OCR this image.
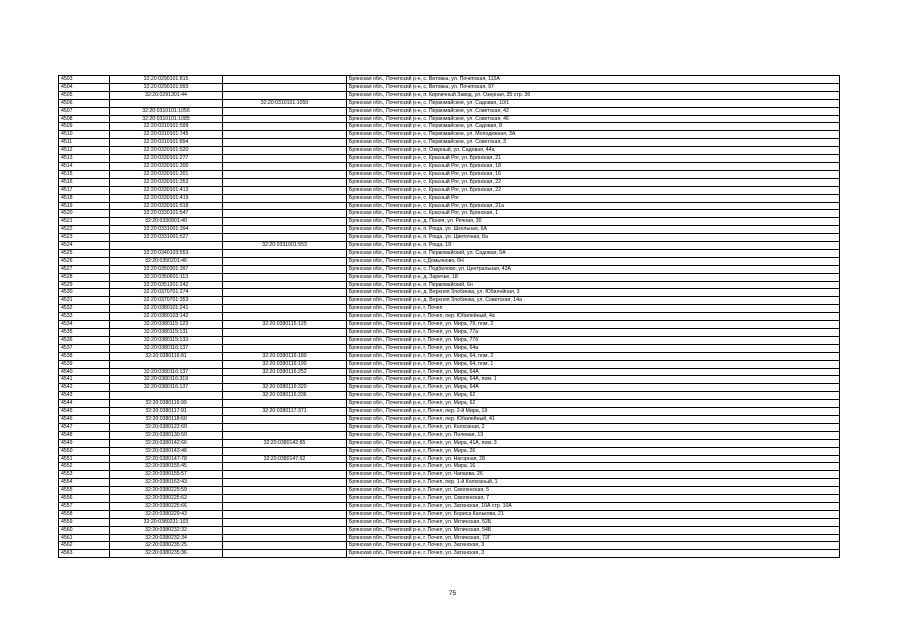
4503	32:20:0290101:815		Брянская обл., Почепский р-н, с. Витовка, ул. Почепская, 115А
4504	32:20:0290101:993		Брянская обл., Почепский р-н, с. Витовка, ул. Почепская, 97
4505	32:20:0291301:44		Брянская обл., Почепский р-н, п. Кирпичный Завод, ул. Озерная, 35 стр. 36
4506		32:20:0310101:1050	Брянская обл., Почепский р-н, с. Первомайское, ул. Садовая, 10/1
4507	32:20:0310101:1056		Брянская обл., Почепский р-н, с. Первомайское, ул. Советская, 42
4508	32:20:0310101:1085		Брянская обл., Почепский р-н, с. Первомайское, ул. Советская, 46
4509	32:20:0310101:599		Брянская обл., Почепский р-н, с. Первомайское, ул. Садовая, 8
4510	32:20:0310101:745		Брянская обл., Почепский р-н, с. Первомайское, ул. Молодежная, 3А
4511	32:20:0310101:894		Брянская обл., Почепский р-н, с. Первомайское, ул. Советская, 3
4512	32:20:0320101:520		Брянская обл., Почепский р-н, п. Озерный, ул. Садовая, 44а
4513	32:20:0330101:277		Брянская обл., Почепский р-н, с. Красный Рог, ул. Брянская, 21
4514	32:20:0330101:300		Брянская обл., Почепский р-н, с. Красный Рог, ул. Брянская, 18
4515	32:20:0330101:301		Брянская обл., Почепский р-н, с. Красный Рог, ул. Брянская, 16
4516	32:20:0330101:353		Брянская обл., Почепский р-н, с. Красный Рог, ул. Брянская, 22
4517	32:20:0330101:413		Брянская обл., Почепский р-н, с. Красный Рог, ул. Брянская, 22
4518	32:20:0330101:419		Брянская обл., Почепский р-н, с. Красный Рог
4519	32:20:0330101:518		Брянская обл., Почепский р-н, с. Красный Рог, ул. Брянская, 21а
4520	32:20:0330101:547		Брянская обл., Почепский р-н, с. Красный Рог, ул. Брянская, 1
4521	32:20:0330901:40		Брянская обл., Почепский р-н, д. Поняя, ул. Речная, 30
4522	32:20:0331001:394		Брянская обл., Почепский р-н, п. Роща, ул. Школьная, 6А
4523	32:20:0331001:527		Брянская обл., Почепский р-н, п. Роща, ул. Цветочная, 8а
4524		32:20:0331001:553	Брянская обл., Почепский р-н, п. Роща, 19
4525	32:20:0340103:553		Брянская обл., Почепский р-н, п. Первомайский, ул. Садовая, 5А
4526	32:20:0350201:46		Брянская обл., Почепский р-н, с.Домьяново, 6Н
4527	32:20:0350301:397		Брянская обл., Почепский р-н, с. Подбелово, ул. Центральная, 43А
4528	32:20:0350601:113		Брянская обл., Почепский р-н, д. Заречье, 18
4529	32:20:0351201:242		Брянская обл., Почепский р-н, п. Первомайский, 6н
4530	32:20:0370701:274		Брянская обл., Почепский р-н, д. Верхняя Злобинка, ул. Юбилейная, 3
4531	32:20:0370701:353		Брянская обл., Почепский р-н, д. Верхняя Злобинка, ул. Советская, 14а
4532	32:20:0380101:241		Брянская обл., Почепский р-н, г. Почеп
4533	32:20:0380103:142		Брянская обл., Почепский р-н, г. Почеп, пер. Юбилейный, 4а
4534	32:20:0380115:123	32:20:0380115:125	Брянская обл., Почепский р-н, г. Почеп, ул. Мира, 79, пом. 2
4535	32:20:0380115:131		Брянская обл., Почепский р-н, г. Почеп, ул. Мира, 77а
4536	32:20:0380115:133		Брянская обл., Почепский р-н, г. Почеп, ул. Мира, 77б
4537	32:20:0380116:137		Брянская обл., Почепский р-н, г. Почеп, ул. Мира, 64а
4538	32:20:0380116:81	32:20:0380116:189	Брянская обл., Почепский р-н, г. Почеп, ул. Мира, 64, пом. 2
4539		32:20:0380116:190	Брянская обл., Почепский р-н, г. Почеп, ул. Мира, 64, пом. 1
4540	32:20:0380116:137	32:20:0380116:252	Брянская обл., Почепский р-н, г. Почеп, ул. Мира, 64А
4541	32:20:0380116:319		Брянская обл., Почепский р-н, г. Почеп, ул. Мира, 64А, пом. 1
4542	32:20:0380116:137	32:20:0380116:320	Брянская обл., Почепский р-н, г. Почеп, ул. Мира, 64А
4543		32:20:0380116:336	Брянская обл., Почепский р-н, г. Почеп, ул. Мира, 62
4544	32:20:0380116:99		Брянская обл., Почепский р-н, г. Почеп, ул. Мира, 62
4545	32:20:0380117:91	32:20:0380117:371	Брянская обл., Почепский р-н, г. Почеп, пер. 2-й Мира, 19
4546	32:20:0380118:60		Брянская обл., Почепский р-н, г. Почеп, пер. Юбилейный, 41
4547	32:20:0380122:60		Брянская обл., Почепский р-н, г. Почеп, ул. Колхозная, 2
4548	32:20:0380130:50		Брянская обл., Почепский р-н, г. Почеп, ул. Полевая, 13
4549	32:20:0380142:66	32:20:0380142:85	Брянская обл., Почепский р-н, г. Почеп, ул. Мира, 41А, пом. 3
4550	32:20:0380143:48		Брянская обл., Почепский р-н, г. Почеп, ул. Мира, 26
4551	32:20:0380147:78	32:20:0380147:92	Брянская обл., Почепский р-н, г. Почеп, ул. Нагорная, 28
4552	32:20:0380155:45		Брянская обл., Почепский р-н, г. Почеп, ул. Мира, 16
4553	32:20:0380155:57		Брянская обл., Почепский р-н, г. Почеп, ул. Чапаева, 26
4554	32:20:0380163:43		Брянская обл., Почепский р-н, г. Почеп, пер. 1-й Колхозный, 1
4555	32:20:0380225:59		Брянская обл., Почепский р-н, г. Почеп, ул. Смоленская, 5
4556	32:20:0380225:62		Брянская обл., Почепский р-н, г. Почеп, ул. Смоленская, 7
4557	32:20:0380225:66		Брянская обл., Почепский р-н, г. Почеп, ул. Затинская, 10А стр. 10А
4558	32:20:0380229:43		Брянская обл., Почепский р-н, г. Почеп, ул. Бориса Калькова, 21
4559	32:20:0380231:103		Брянская обл., Почепский р-н, г. Почеп, ул. Мглинская, 52Б
4560	32:20:0380232:32		Брянская обл., Почепский р-н, г. Почеп, ул. Мглинская, 54Б
4561	32:20:0380232:34		Брянская обл., Почепский р-н, г. Почеп, ул. Мглинская, 72Г
4562	32:20:0380235:25		Брянская обл., Почепский р-н, г. Почеп, ул. Затинская, 3
4563	32:20:0380235:36		Брянская обл., Почепский р-н, г. Почеп, ул. Затинская, 3
75
